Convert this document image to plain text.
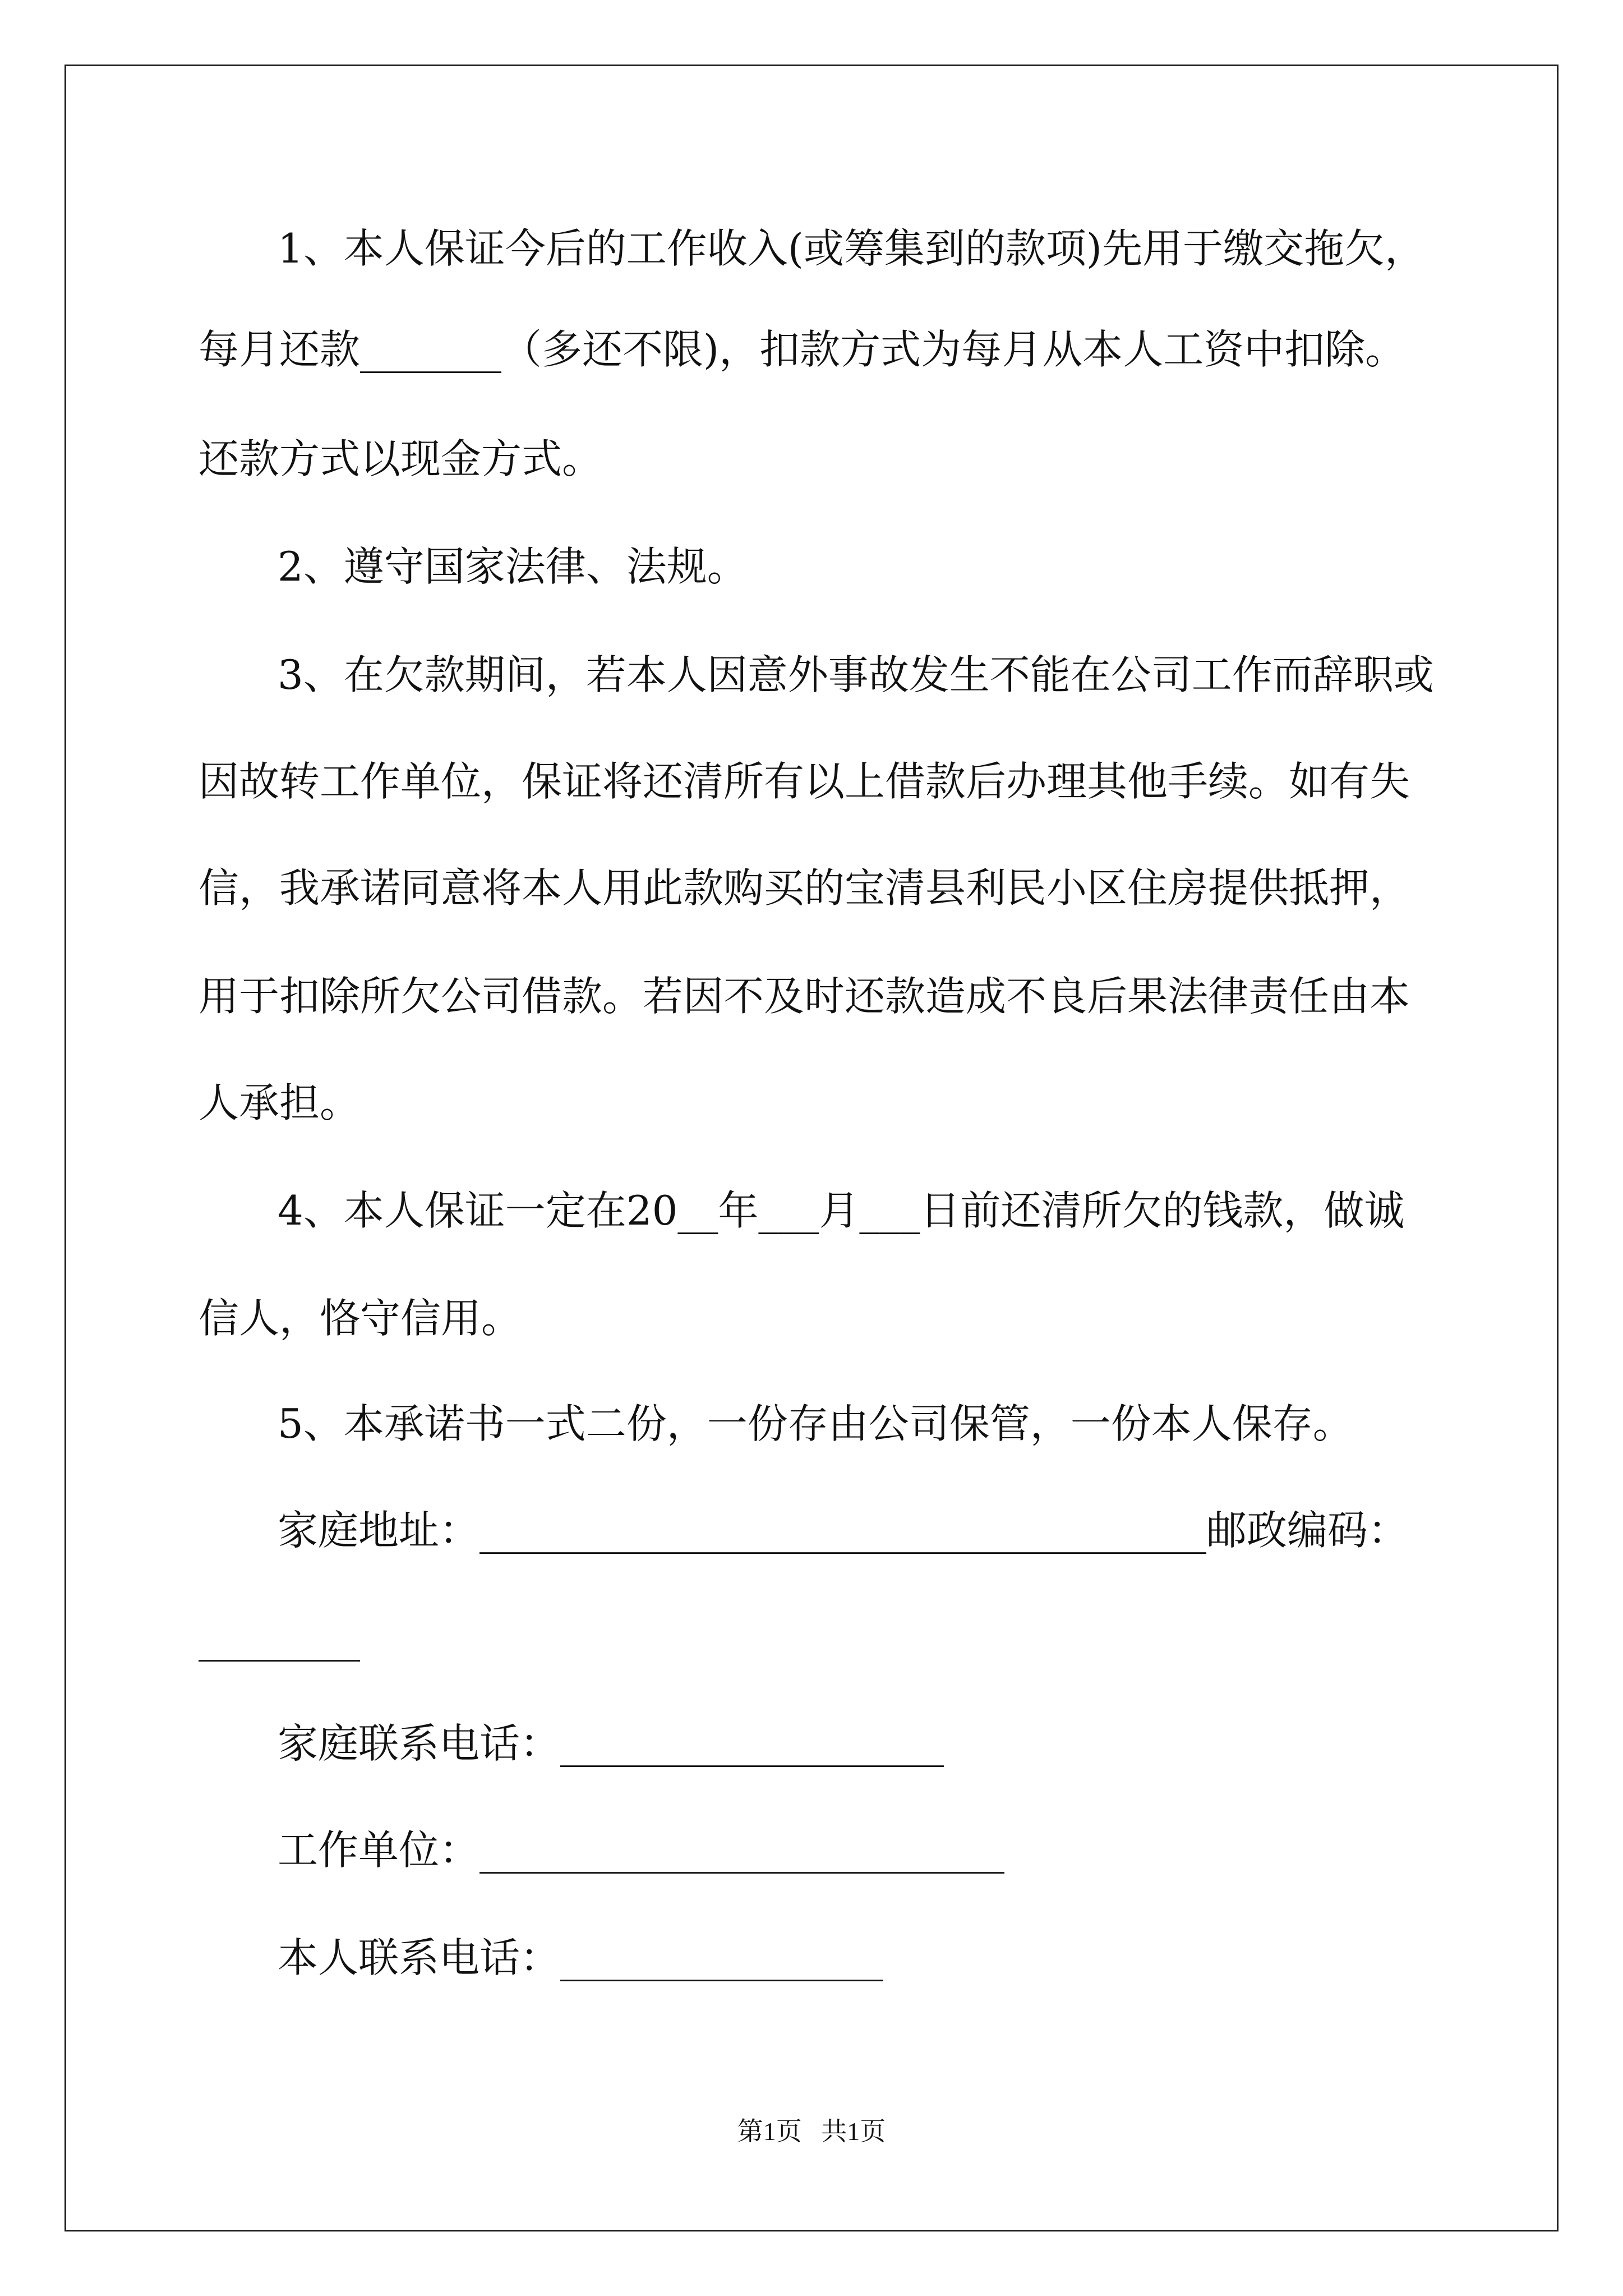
1、本人保证今后的工作收入(或筹集到的款项)先用于缴交拖欠，

每月还款_______（多还不限)，扣款方式为每月从本人工资中扣除。

还款方式以现金方式。

2、遵守国家法律、法规。

3、在欠款期间，若本人因意外事故发生不能在公司工作而辞职或

因故转工作单位，保证将还清所有以上借款后办理其他手续。如有失

信，我承诺同意将本人用此款购买的宝清县利民小区住房提供抵押，

用于扣除所欠公司借款。若因不及时还款造成不良后果法律责任由本

人承担。

4、本人保证一定在20__年___月___日前还清所欠的钱款，做诚

信人，恪守信用。

5、本承诺书一式二份，一份存由公司保管，一份本人保存。

家庭地址：____________________________________邮政编码：

________

家庭联系电话：___________________

工作单位：__________________________

本人联系电话：________________

第1页   共1页
